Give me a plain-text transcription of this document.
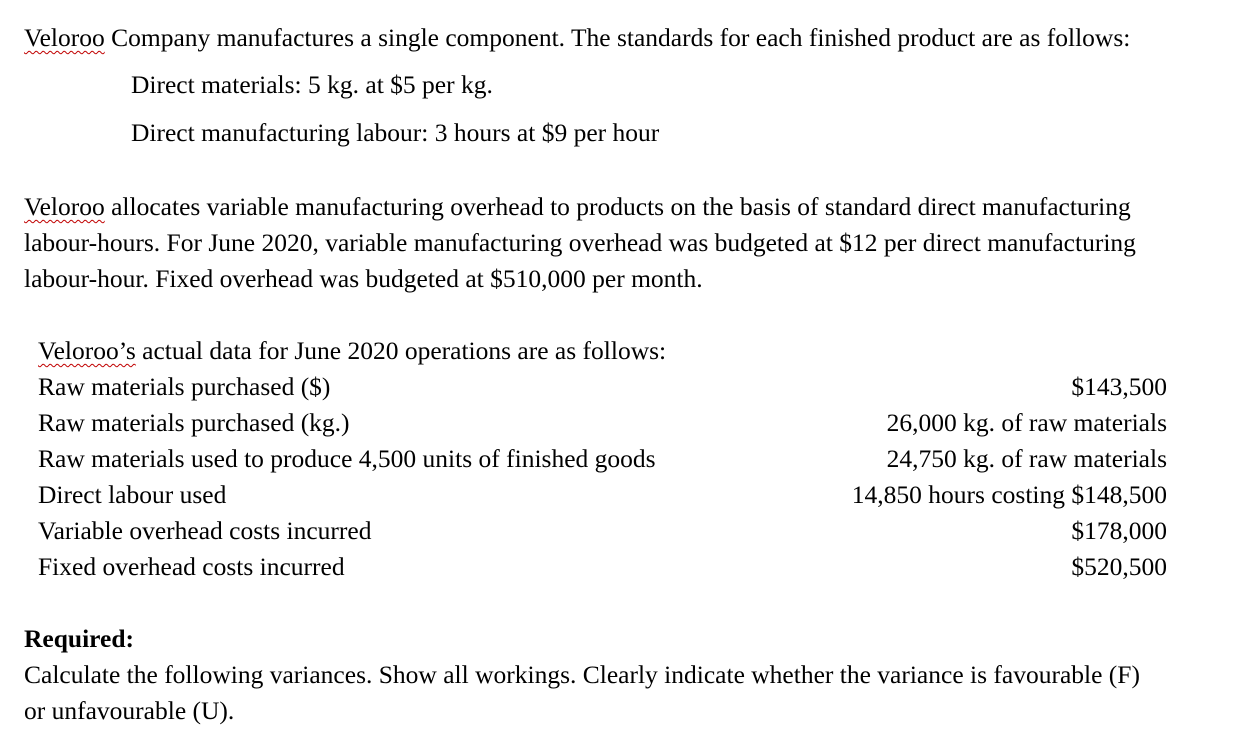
Veloroo Company manufactures a single component. The standards for each finished product are as follows:
Direct materials: 5 kg. at $5 per kg.
Direct manufacturing labour: 3 hours at $9 per hour
Veloroo allocates variable manufacturing overhead to products on the basis of standard direct manufacturing
labour-hours. For June 2020, variable manufacturing overhead was budgeted at $12 per direct manufacturing
labour-hour. Fixed overhead was budgeted at $510,000 per month.
Veloroo’s actual data for June 2020 operations are as follows:
Raw materials purchased ($)	$143,500
Raw materials purchased (kg.)	26,000 kg. of raw materials
Raw materials used to produce 4,500 units of finished goods	24,750 kg. of raw materials
Direct labour used	14,850 hours costing $148,500
Variable overhead costs incurred	$178,000
Fixed overhead costs incurred	$520,500
Required:
Calculate the following variances. Show all workings. Clearly indicate whether the variance is favourable (F)
or unfavourable (U).
